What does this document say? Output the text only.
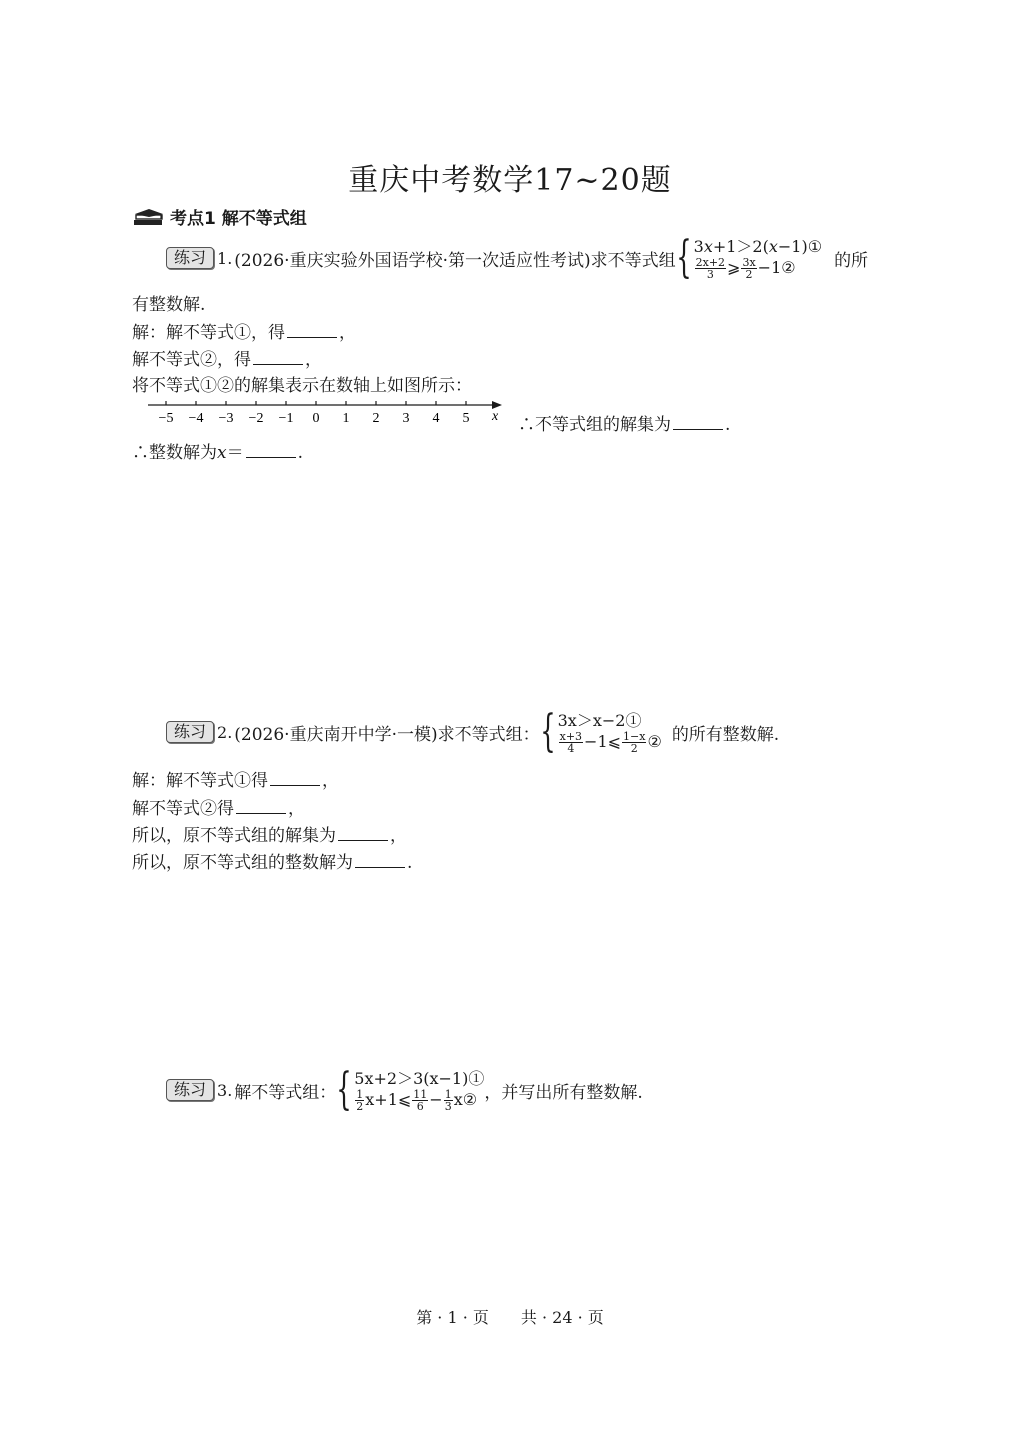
重庆中考数学17~20题
考点1 解不等式组
练习 1. (2026·重庆实验外国语学校·第一次适应性考试)求不等式组 { 3x+1＞2(x−1)①
$\frac{2x+2}{3}$ ⩾ $\frac{3x}{2}$ −1②	的所
有整数解.
解：解不等式①，得	，
解不等式②，得	，
将不等式①②的解集表示在数轴上如图所示：
−5 −4 −3 −2 −1 0 1 2 3 4 5 x ∴不等式组的解集为	.
∴整数解为x＝	.
练习 2. (2026·重庆南开中学·一模)求不等式组： { 3x＞x−2①
$\frac{x+3}{4}$ −1⩽ $\frac{1-x}{2}$ ② 的所有整数解.
解：解不等式①得	，
解不等式②得	，
所以，原不等式组的解集为	，
所以，原不等式组的整数解为	.
练习 3. 解不等式组： { 5x+2＞3(x−1)①
$\frac{1}{2}$ x+1⩽ $\frac{11}{6} - \frac{1}{3}$ x② ，并写出所有整数解.
第 · 1 · 页　　共 · 24 · 页
